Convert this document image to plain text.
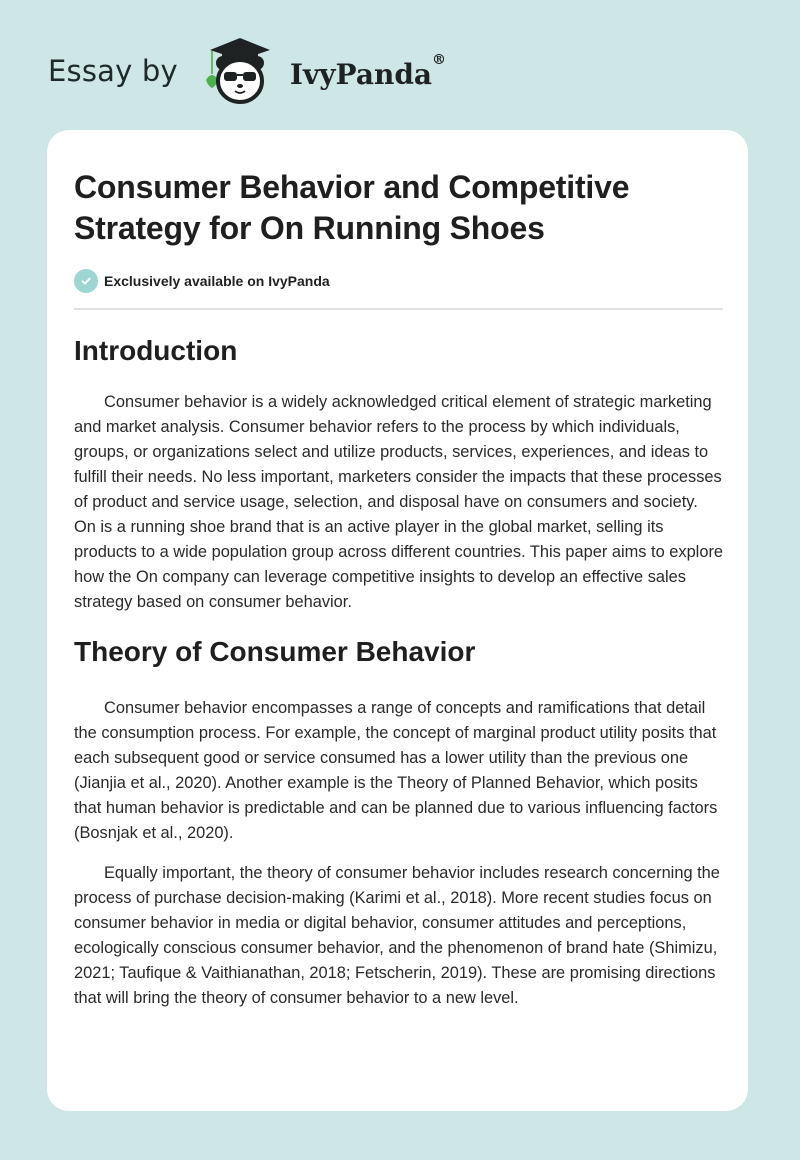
Essay by	IvyPanda®
Consumer Behavior and Competitive Strategy for On Running Shoes
Exclusively available on IvyPanda
Introduction

Consumer behavior is a widely acknowledged critical element of strategic marketing and market analysis. Consumer behavior refers to the process by which individuals, groups, or organizations select and utilize products, services, experiences, and ideas to fulfill their needs. No less important, marketers consider the impacts that these processes of product and service usage, selection, and disposal have on consumers and society. On is a running shoe brand that is an active player in the global market, selling its products to a wide population group across different countries. This paper aims to explore how the On company can leverage competitive insights to develop an effective sales strategy based on consumer behavior.

Theory of Consumer Behavior

Consumer behavior encompasses a range of concepts and ramifications that detail the consumption process. For example, the concept of marginal product utility posits that each subsequent good or service consumed has a lower utility than the previous one (Jianjia et al., 2020). Another example is the Theory of Planned Behavior, which posits that human behavior is predictable and can be planned due to various influencing factors (Bosnjak et al., 2020).

Equally important, the theory of consumer behavior includes research concerning the process of purchase decision-making (Karimi et al., 2018). More recent studies focus on consumer behavior in media or digital behavior, consumer attitudes and perceptions, ecologically conscious consumer behavior, and the phenomenon of brand hate (Shimizu, 2021; Taufique & Vaithianathan, 2018; Fetscherin, 2019). These are promising directions that will bring the theory of consumer behavior to a new level.
